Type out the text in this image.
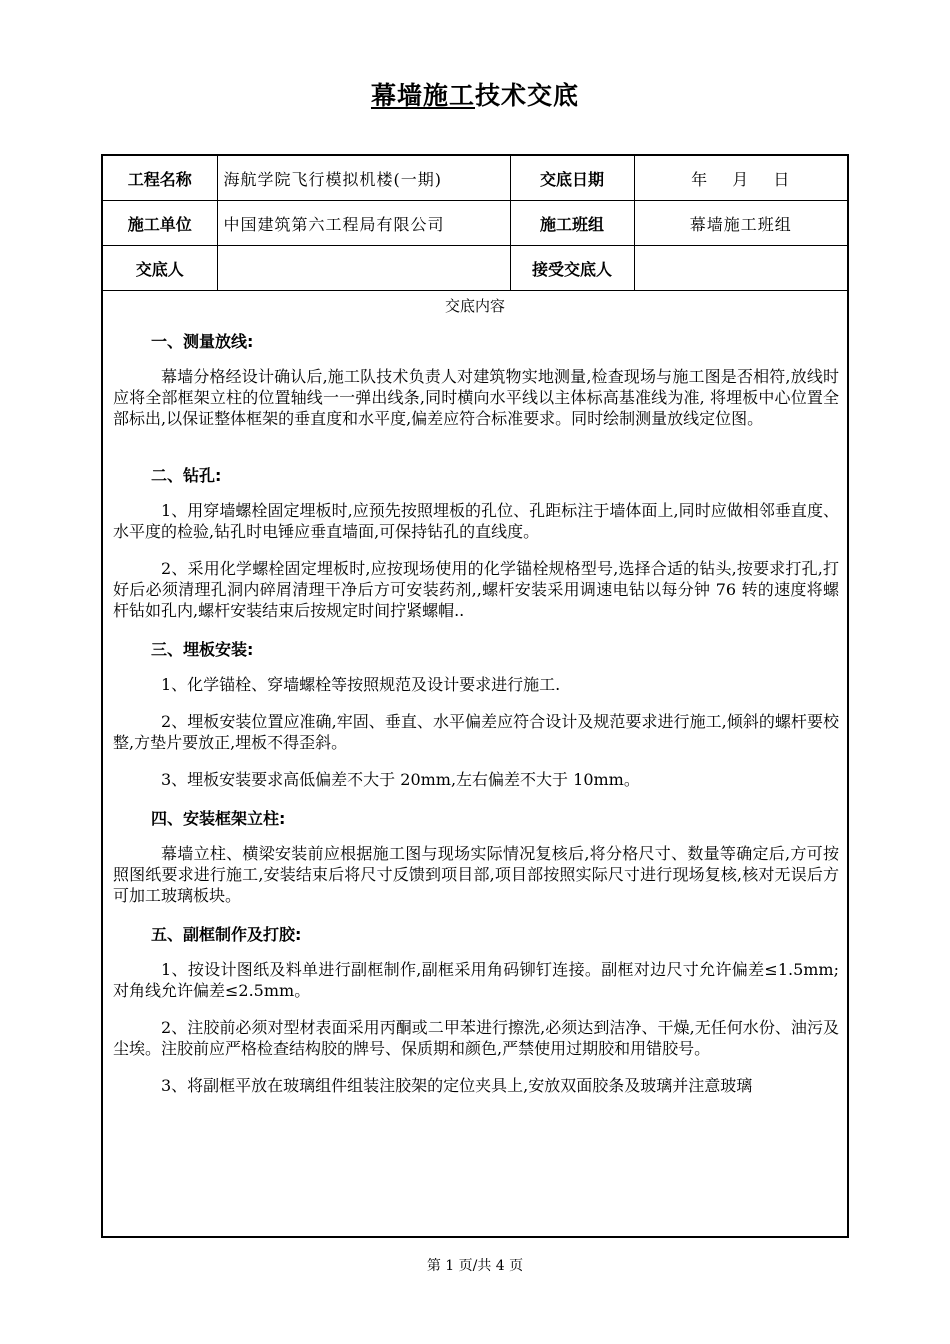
幕墙施工技术交底
工程名称	海航学院飞行模拟机楼(一期)	交底日期	年  月  日
施工单位	中国建筑第六工程局有限公司	施工班组	幕墙施工班组
交底人		接受交底人	
交底内容
一、测量放线:

幕墙分格经设计确认后,施工队技术负责人对建筑物实地测量,检查现场与施工图是否相符,放线时应将全部框架立柱的位置轴线一一弹出线条,同时横向水平线以主体标高基准线为准, 将埋板中心位置全部标出,以保证整体框架的垂直度和水平度,偏差应符合标准要求。同时绘制测量放线定位图。

二、钻孔:

1、用穿墙螺栓固定埋板时,应预先按照埋板的孔位、孔距标注于墙体面上,同时应做相邻垂直度、水平度的检验,钻孔时电锤应垂直墙面,可保持钻孔的直线度。

2、采用化学螺栓固定埋板时,应按现场使用的化学锚栓规格型号,选择合适的钻头,按要求打孔,打好后必须清理孔洞内碎屑清理干净后方可安装药剂,,螺杆安装采用调速电钻以每分钟 76 转的速度将螺杆钻如孔内,螺杆安装结束后按规定时间拧紧螺帽..

三、埋板安装:

1、化学锚栓、穿墙螺栓等按照规范及设计要求进行施工.

2、埋板安装位置应准确,牢固、垂直、水平偏差应符合设计及规范要求进行施工,倾斜的螺杆要校整,方垫片要放正,埋板不得歪斜。

3、埋板安装要求高低偏差不大于 20mm,左右偏差不大于 10mm。

四、安装框架立柱:

幕墙立柱、横梁安装前应根据施工图与现场实际情况复核后,将分格尺寸、数量等确定后,方可按照图纸要求进行施工,安装结束后将尺寸反馈到项目部,项目部按照实际尺寸进行现场复核,核对无误后方可加工玻璃板块。

五、副框制作及打胶:

1、按设计图纸及料单进行副框制作,副框采用角码铆钉连接。副框对边尺寸允许偏差≤1.5mm;对角线允许偏差≤2.5mm。

2、注胶前必须对型材表面采用丙酮或二甲苯进行擦洗,必须达到洁净、干燥,无任何水份、油污及尘埃。注胶前应严格检查结构胶的牌号、保质期和颜色,严禁使用过期胶和用错胶号。

3、将副框平放在玻璃组件组装注胶架的定位夹具上,安放双面胶条及玻璃并注意玻璃

第 1 页/共 4 页
